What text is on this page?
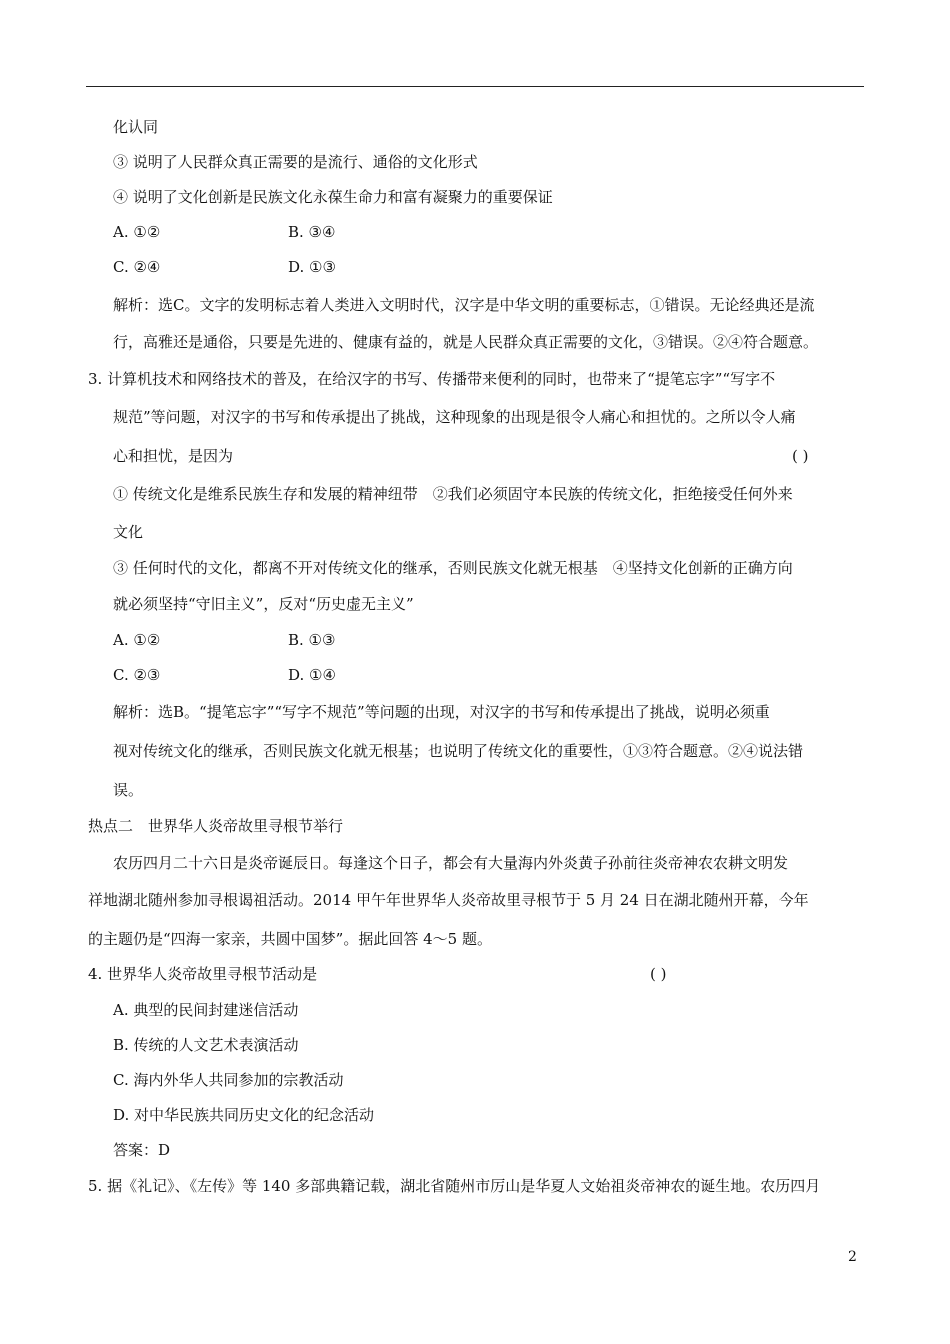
化认同
③ 说明了人民群众真正需要的是流行、通俗的文化形式
④ 说明了文化创新是民族文化永葆生命力和富有凝聚力的重要保证
A. ①②	B. ③④
C. ②④	D. ①③
解析：选C。文字的发明标志着人类进入文明时代，汉字是中华文明的重要标志，①错误。无论经典还是流
行，高雅还是通俗，只要是先进的、健康有益的，就是人民群众真正需要的文化，③错误。②④符合题意。
3. 计算机技术和网络技术的普及，在给汉字的书写、传播带来便利的同时，也带来了“提笔忘字”“写字不
规范”等问题，对汉字的书写和传承提出了挑战，这种现象的出现是很令人痛心和担忧的。之所以令人痛
心和担忧，是因为	( )
① 传统文化是维系民族生存和发展的精神纽带　②我们必须固守本民族的传统文化，拒绝接受任何外来
文化
③ 任何时代的文化，都离不开对传统文化的继承，否则民族文化就无根基　④坚持文化创新的正确方向
就必须坚持“守旧主义”，反对“历史虚无主义”
A. ①②	B. ①③
C. ②③	D. ①④
解析：选B。“提笔忘字”“写字不规范”等问题的出现，对汉字的书写和传承提出了挑战，说明必须重
视对传统文化的继承，否则民族文化就无根基；也说明了传统文化的重要性，①③符合题意。②④说法错
误。
热点二　世界华人炎帝故里寻根节举行
农历四月二十六日是炎帝诞辰日。每逢这个日子，都会有大量海内外炎黄子孙前往炎帝神农农耕文明发
祥地湖北随州参加寻根谒祖活动。2014 甲午年世界华人炎帝故里寻根节于 5 月 24 日在湖北随州开幕，今年
的主题仍是“四海一家亲，共圆中国梦”。据此回答 4～5 题。
4. 世界华人炎帝故里寻根节活动是	( )
A. 典型的民间封建迷信活动
B. 传统的人文艺术表演活动
C. 海内外华人共同参加的宗教活动
D. 对中华民族共同历史文化的纪念活动
答案：D
5. 据《礼记》、《左传》等 140 多部典籍记载，湖北省随州市厉山是华夏人文始祖炎帝神农的诞生地。农历四月
2
